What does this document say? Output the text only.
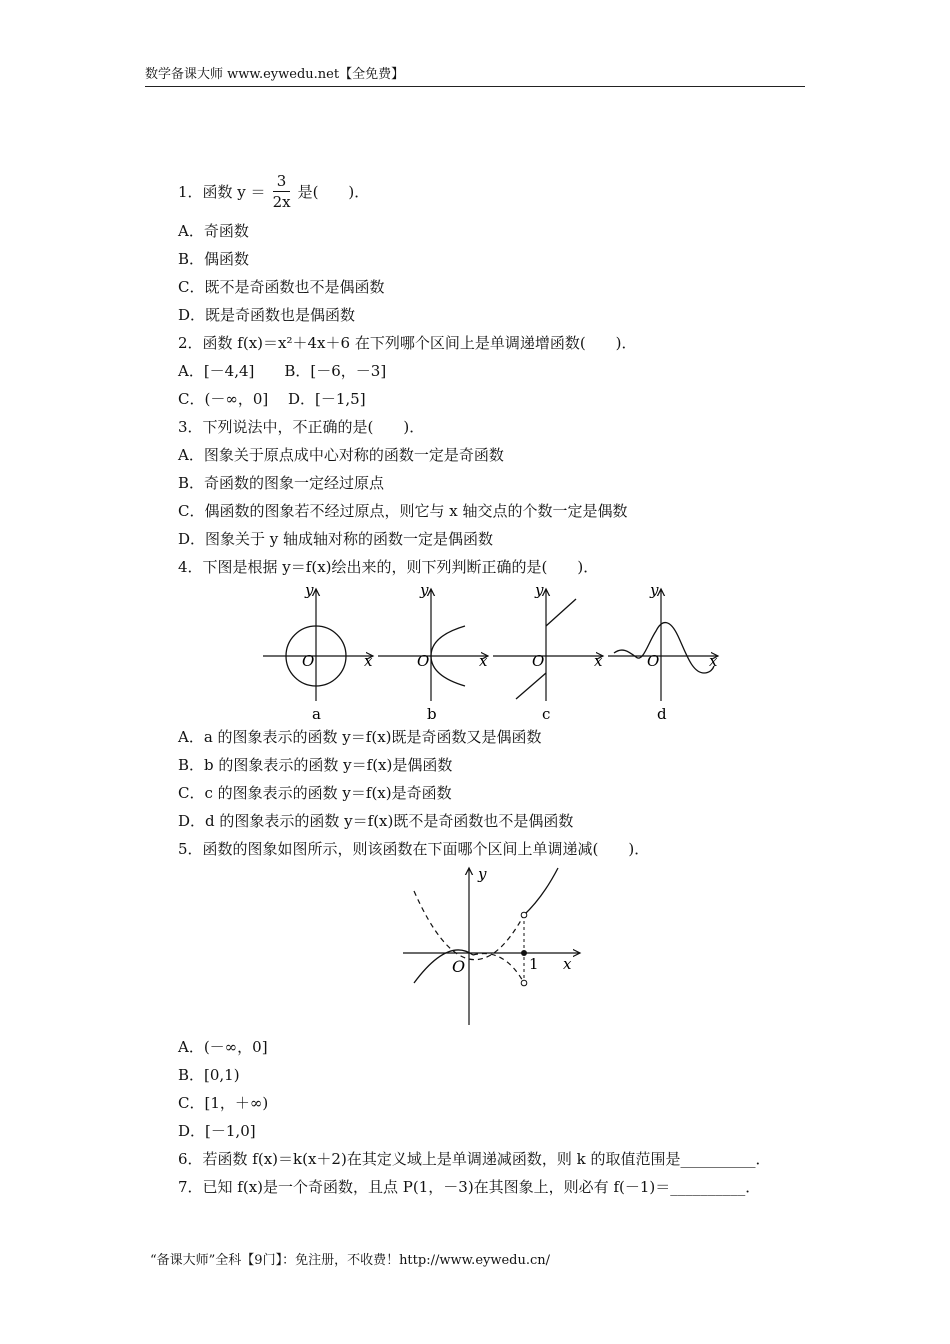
数学备课大师 www.eywedu.net【全免费】
1．函数 $y = \frac{3}{2x}$ 是(　　)．
A．奇函数
B．偶函数
C．既不是奇函数也不是偶函数
D．既是奇函数也是偶函数
2．函数 f(x)＝x²＋4x＋6 在下列哪个区间上是单调递增函数(　　)．
A．[－4,4]　　B．[－6，－3]
C．(－∞，0]　 D．[－1,5]
3．下列说法中，不正确的是(　　)．
A．图象关于原点成中心对称的函数一定是奇函数
B．奇函数的图象一定经过原点
C．偶函数的图象若不经过原点，则它与 x 轴交点的个数一定是偶数
D．图象关于 y 轴成轴对称的函数一定是偶函数
4．下图是根据 y＝f(x)绘出来的，则下列判断正确的是(　　)．
O	x
y
a
O	x
y
b
O	x
y
c
O	x
y
d
A．a 的图象表示的函数 y＝f(x)既是奇函数又是偶函数
B．b 的图象表示的函数 y＝f(x)是偶函数
C．c 的图象表示的函数 y＝f(x)是奇函数
D．d 的图象表示的函数 y＝f(x)既不是奇函数也不是偶函数
5．函数的图象如图所示，则该函数在下面哪个区间上单调递减(　　)．
O	1 x
y
A．(－∞，0]
B．[0,1)
C．[1，＋∞)
D．[－1,0]
6．若函数 f(x)＝k(x＋2)在其定义域上是单调递减函数，则 k 的取值范围是__________．
7．已知 f(x)是一个奇函数，且点 P(1，－3)在其图象上，则必有 f(－1)＝__________．
“备课大师”全科【9门】：免注册，不收费！http://www.eywedu.cn/
